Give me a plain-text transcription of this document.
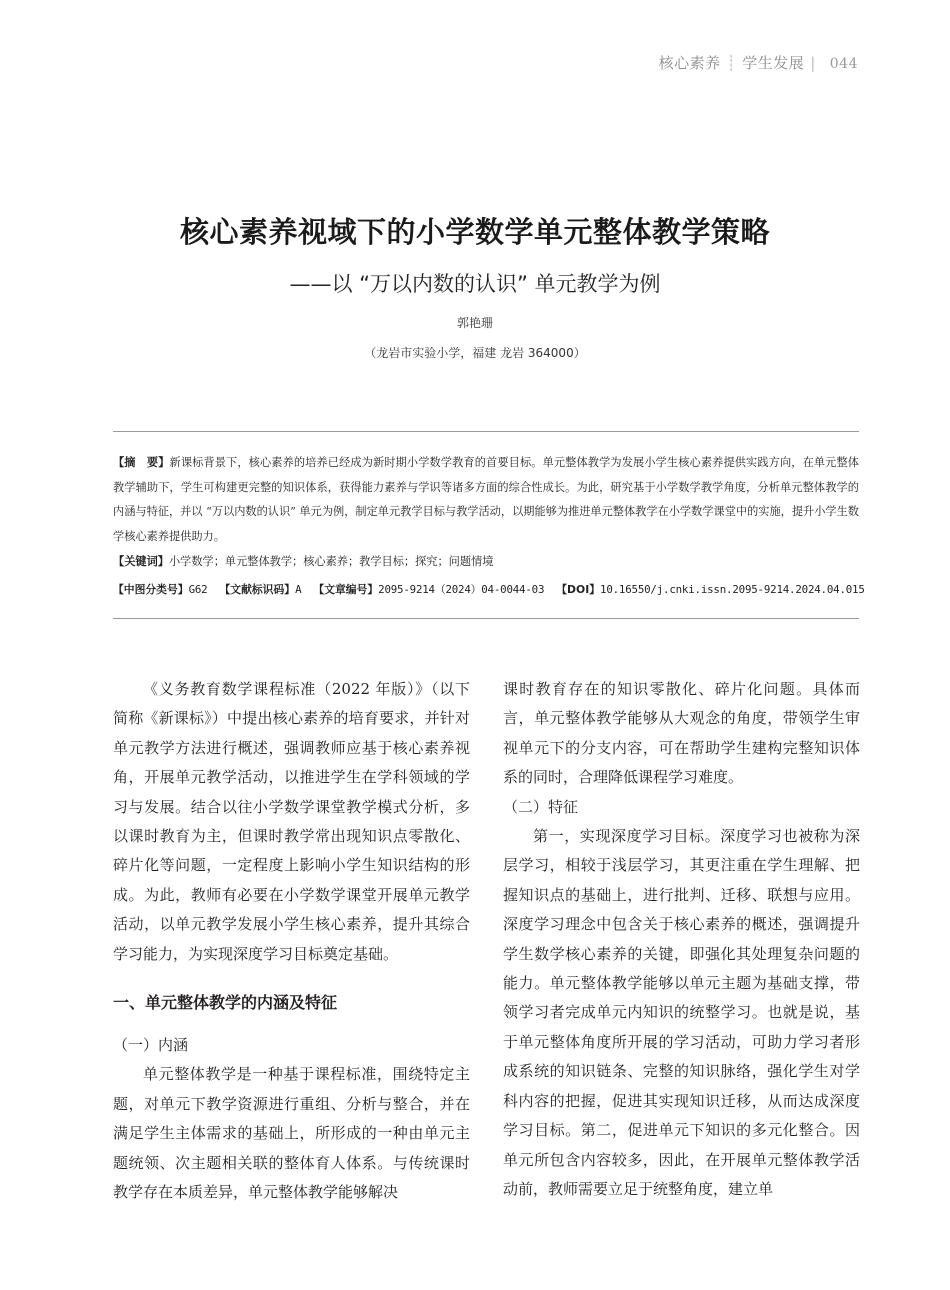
核心素养 ┊ 学生发展 | 044
核心素养视域下的小学数学单元整体教学策略
——以 “万以内数的认识” 单元教学为例
郭艳珊
（龙岩市实验小学，福建 龙岩 364000）
【摘　要】新课标背景下，核心素养的培养已经成为新时期小学数学教育的首要目标。单元整体教学为发展小学生核心素养提供实践方向，在单元整体教学辅助下，学生可构建更完整的知识体系，获得能力素养与学识等诸多方面的综合性成长。为此，研究基于小学数学教学角度，分析单元整体教学的内涵与特征，并以 “万以内数的认识” 单元为例，制定单元教学目标与教学活动，以期能够为推进单元整体教学在小学数学课堂中的实施，提升小学生数学核心素养提供助力。
【关键词】小学数学；单元整体教学；核心素养；教学目标；探究；问题情境
【中图分类号】G62 【文献标识码】A 【文章编号】2095-9214（2024）04-0044-03 【DOI】10.16550/j.cnki.issn.2095-9214.2024.04.015

《义务教育数学课程标准（2022 年版）》（以下简称《新课标》）中提出核心素养的培育要求，并针对单元教学方法进行概述，强调教师应基于核心素养视角，开展单元教学活动，以推进学生在学科领域的学习与发展。结合以往小学数学课堂教学模式分析，多以课时教育为主，但课时教学常出现知识点零散化、碎片化等问题，一定程度上影响小学生知识结构的形成。为此，教师有必要在小学数学课堂开展单元教学活动，以单元教学发展小学生核心素养，提升其综合学习能力，为实现深度学习目标奠定基础。

一、单元整体教学的内涵及特征
（一）内涵

单元整体教学是一种基于课程标准，围绕特定主题，对单元下教学资源进行重组、分析与整合，并在满足学生主体需求的基础上，所形成的一种由单元主题统领、次主题相关联的整体育人体系。与传统课时教学存在本质差异，单元整体教学能够解决

课时教育存在的知识零散化、碎片化问题。具体而言，单元整体教学能够从大观念的角度，带领学生审视单元下的分支内容，可在帮助学生建构完整知识体系的同时，合理降低课程学习难度。

（二）特征

第一，实现深度学习目标。深度学习也被称为深层学习，相较于浅层学习，其更注重在学生理解、把握知识点的基础上，进行批判、迁移、联想与应用。深度学习理念中包含关于核心素养的概述，强调提升学生数学核心素养的关键，即强化其处理复杂问题的能力。单元整体教学能够以单元主题为基础支撑，带领学习者完成单元内知识的统整学习。也就是说，基于单元整体角度所开展的学习活动，可助力学习者形成系统的知识链条、完整的知识脉络，强化学生对学科内容的把握，促进其实现知识迁移，从而达成深度学习目标。第二，促进单元下知识的多元化整合。因单元所包含内容较多，因此，在开展单元整体教学活动前，教师需要立足于统整角度，建立单
